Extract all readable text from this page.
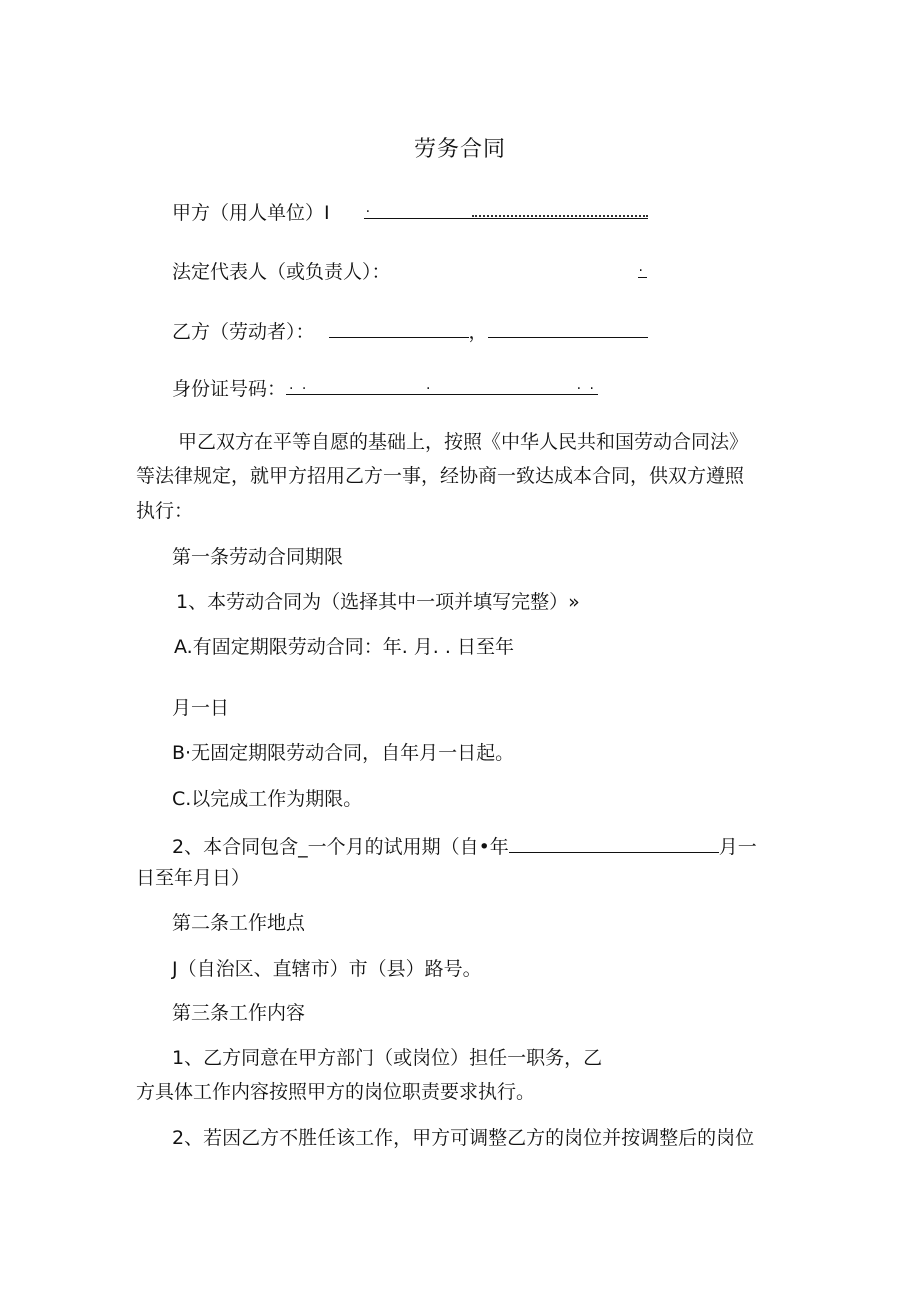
劳务合同
甲方（用人单位）I	.
法定代表人（或负责人）：	.
乙方（劳动者）：	，
身份证号码： . .	.	. .
甲乙双方在平等自愿的基础上，按照《中华人民共和国劳动合同法》
等法律规定，就甲方招用乙方一事，经协商一致达成本合同，供双方遵照
执行：
第一条劳动合同期限
1、本劳动合同为（选择其中一项并填写完整）»
A.有固定期限劳动合同：年. 月. . 日至年
月一日
B·无固定期限劳动合同，自年月一日起。
C.以完成工作为期限。
2、本合同包含_一个月的试用期（自•年	月一
日至年月日）
第二条工作地点
J（自治区、直辖市）市（县）路号。
第三条工作内容
1、乙方同意在甲方部门（或岗位）担任一职务，乙
方具体工作内容按照甲方的岗位职责要求执行。
2、若因乙方不胜任该工作，甲方可调整乙方的岗位并按调整后的岗位
